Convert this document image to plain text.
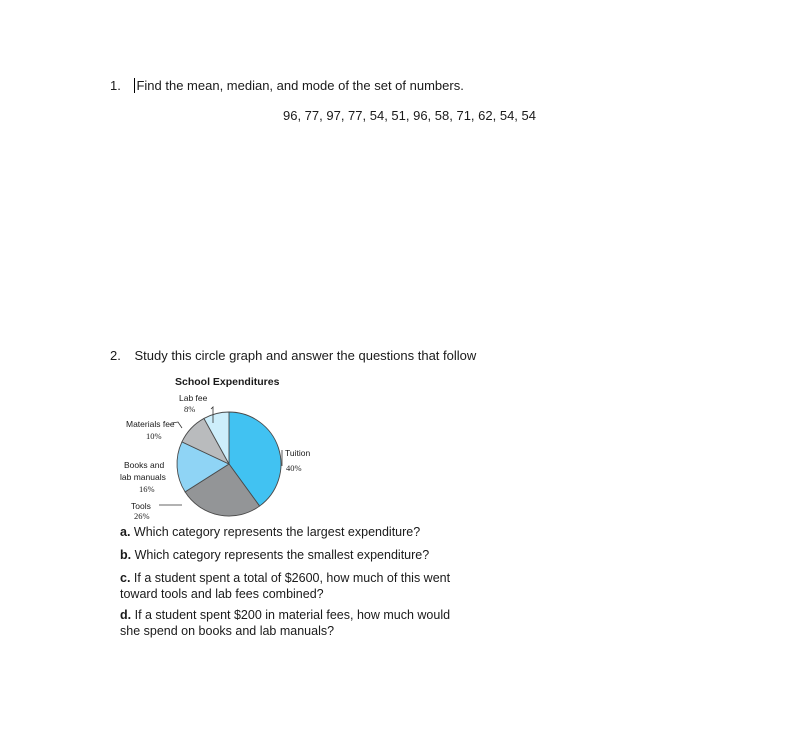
1. Find the mean, median, and mode of the set of numbers.
96, 77, 97, 77, 54, 51, 96, 58, 71, 62, 54, 54
2. Study this circle graph and answer the questions that follow
School Expenditures
Lab fee
8%
Materials fee
10%
Books and
lab manuals
16%
Tools
26%
Tuition
40%
a. Which category represents the largest expenditure?
b. Which category represents the smallest expenditure?
c. If a student spent a total of $2600, how much of this went toward tools and lab fees combined?
d. If a student spent $200 in material fees, how much would she spend on books and lab manuals?
